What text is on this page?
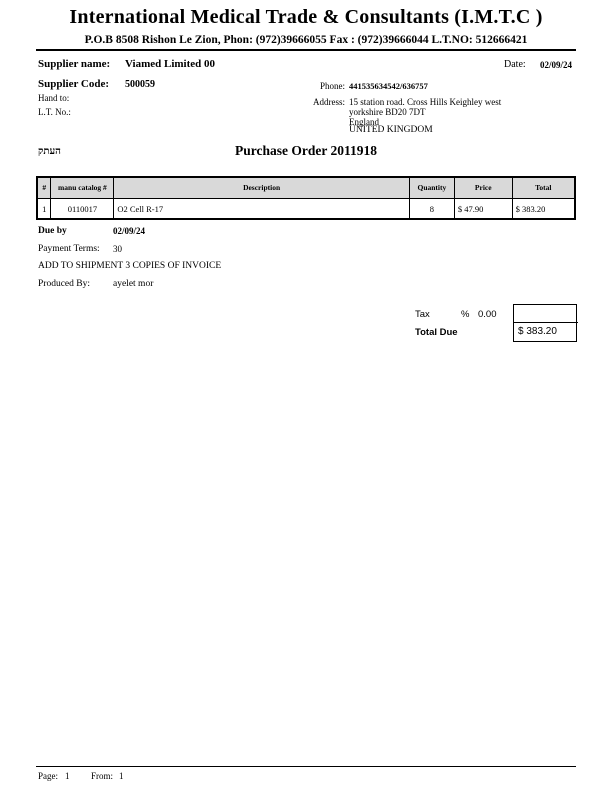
International Medical Trade & Consultants (I.M.T.C )
P.O.B 8508 Rishon Le Zion, Phon: (972)39666055 Fax : (972)39666044 L.T.NO: 512666421
Supplier name: Viamed Limited 00	Date: 02/09/24
Supplier Code: 500059
Hand to:
L.T. No.:
Phone: 441535634542/636757
Address: 15 station road. Cross Hills Keighley west
yorkshire BD20 7DT
England
UNITED KINGDOM
העתק	Purchase Order 2011918
#	manu catalog #	Description	Quantity	Price	Total
1	0110017	O2 Cell R-17	8	$ 47.90	$ 383.20
Due by	02/09/24
Payment Terms: 30
ADD TO SHIPMENT 3 COPIES OF INVOICE
Produced By: ayelet mor
Tax	% 0.00
Total Due	$ 383.20
Page: 1 From: 1
